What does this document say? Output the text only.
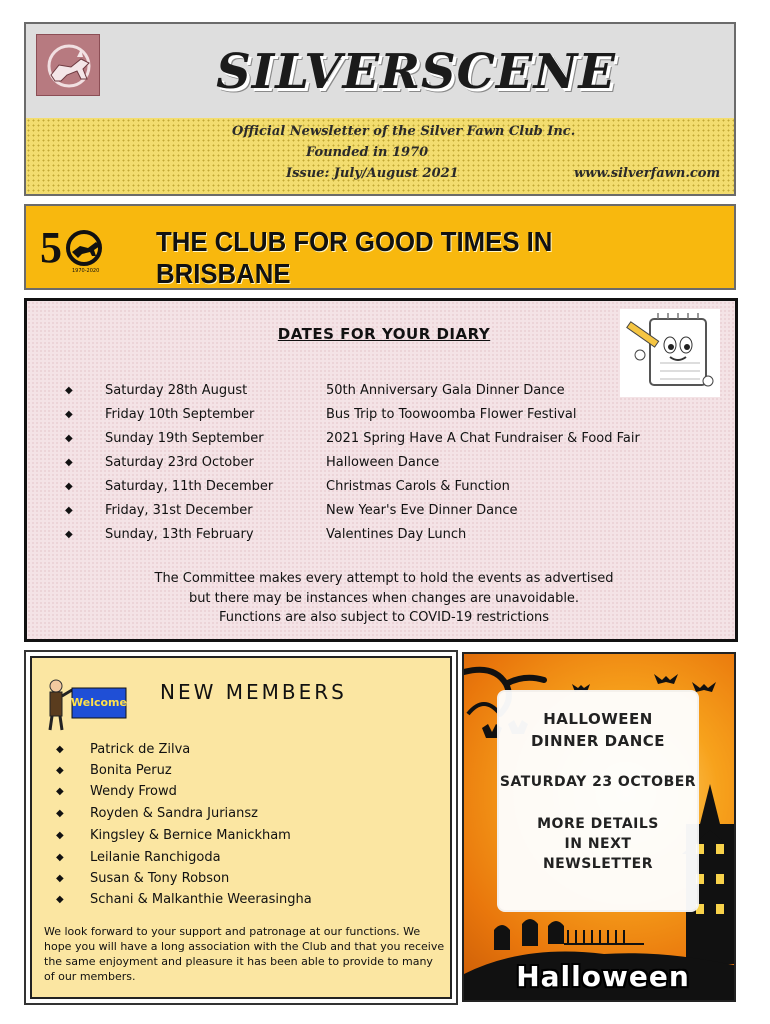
SILVERSCENE
Official Newsletter of the Silver Fawn Club Inc.
Founded in 1970
Issue: July/August 2021	www.silverfawn.com
5 1970-2020
THE CLUB FOR GOOD TIMES IN BRISBANE
DATES FOR YOUR DIARY
◆ Saturday 28th August	50th Anniversary Gala Dinner Dance
◆ Friday 10th September	Bus Trip to Toowoomba Flower Festival
◆ Sunday 19th September	2021 Spring Have A Chat Fundraiser & Food Fair
◆ Saturday 23rd October	Halloween Dance
◆ Saturday, 11th December	Christmas Carols & Function
◆ Friday, 31st December	New Year's Eve Dinner Dance
◆ Sunday, 13th February	Valentines Day Lunch
The Committee makes every attempt to hold the events as advertised
but there may be instances when changes are unavoidable.
Functions are also subject to COVID-19 restrictions
Welcome NEW MEMBERS
◆ Patrick de Zilva
◆ Bonita Peruz
◆ Wendy Frowd
◆ Royden & Sandra Juriansz
◆ Kingsley & Bernice Manickham
◆ Leilanie Ranchigoda
◆ Susan & Tony Robson
◆ Schani & Malkanthie Weerasingha
We look forward to your support and patronage at our functions. We hope you will have a long association with the Club and that you receive the same enjoyment and pleasure it has been able to provide to many of our members.
HALLOWEEN
DINNER DANCE
SATURDAY 23 OCTOBER
MORE DETAILS
IN NEXT
NEWSLETTER
Halloween
